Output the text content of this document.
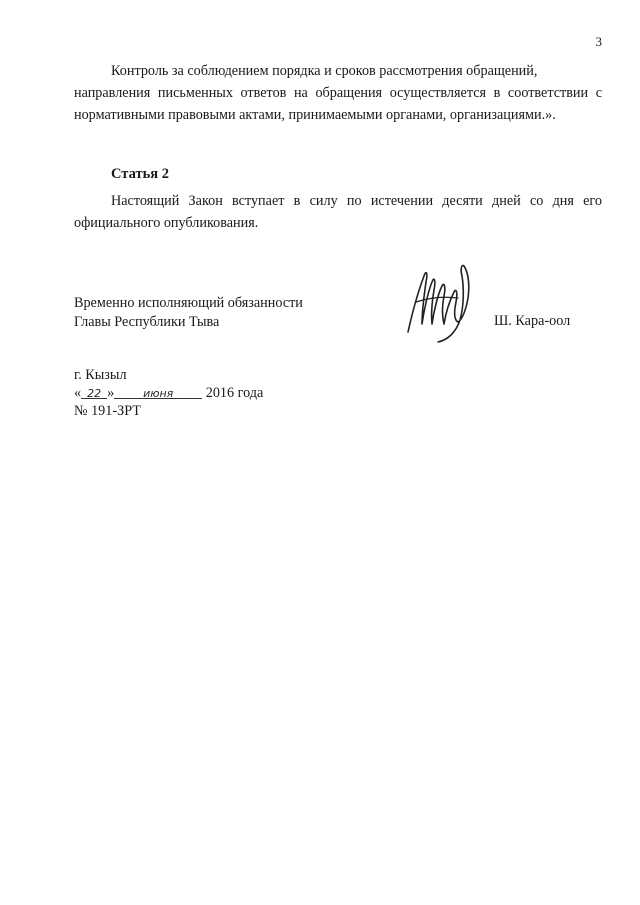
3
Контроль за соблюдением порядка и сроков рассмотрения обращений,
направления письменных ответов на обращения осуществляется в соответствии с нормативными правовыми актами, принимаемыми органами, организациями.».
Статья 2
Настоящий Закон вступает в силу по истечении десяти дней со дня его официального опубликования.
Временно исполняющий обязанности
Главы Республики Тыва	Ш. Кара-оол
г. Кызыл
« 22 »	июня 2016 года
№ 191-ЗРТ
